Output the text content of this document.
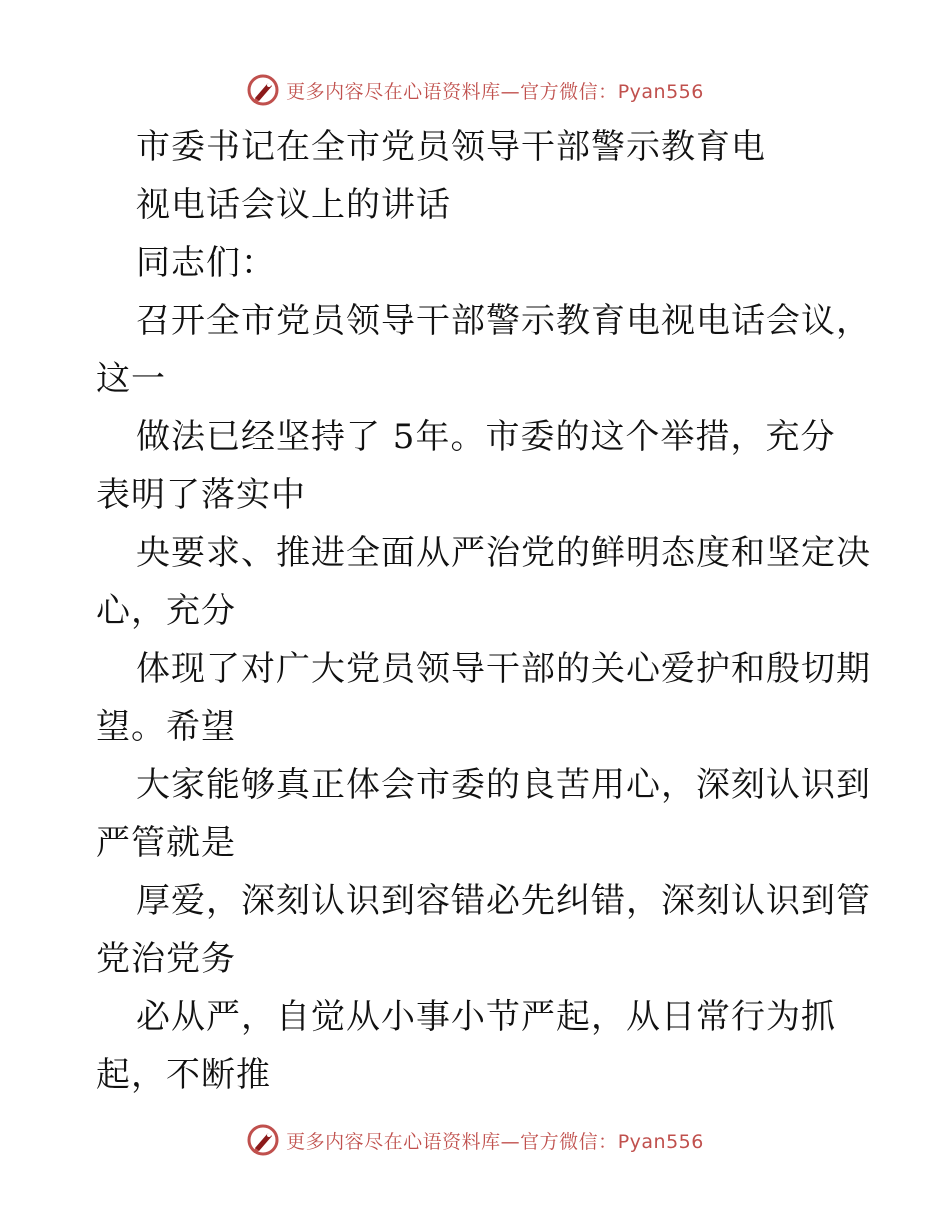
更多内容尽在心语资料库—官方微信：Pyan556
市委书记在全市党员领导干部警示教育电
视电话会议上的讲话
同志们：
召开全市党员领导干部警示教育电视电话会议，
这一
做法已经坚持了 5年。市委的这个举措，充分
表明了落实中
央要求、推进全面从严治党的鲜明态度和坚定决
心，充分
体现了对广大党员领导干部的关心爱护和殷切期
望。希望
大家能够真正体会市委的良苦用心，深刻认识到
严管就是
厚爱，深刻认识到容错必先纠错，深刻认识到管
党治党务
必从严，自觉从小事小节严起，从日常行为抓
起，不断推
更多内容尽在心语资料库—官方微信：Pyan556
